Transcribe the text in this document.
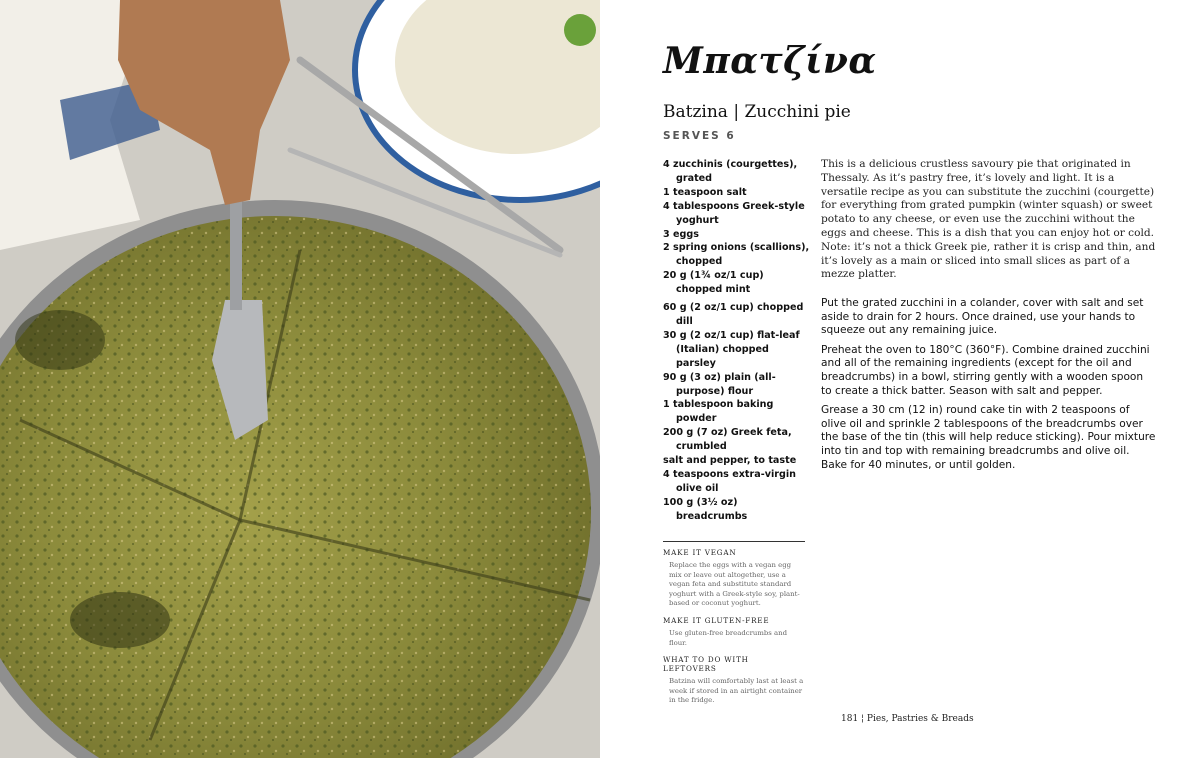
Μπατζίνα
Batzina | Zucchini pie
SERVES 6
4 zucchinis (courgettes), grated
1 teaspoon salt
4 tablespoons Greek-style yoghurt
3 eggs
2 spring onions (scallions), chopped
20 g (1¾ oz/1 cup) chopped mint
60 g (2 oz/1 cup) chopped dill
30 g (2 oz/1 cup) flat-leaf (Italian) chopped parsley
90 g (3 oz) plain (all-purpose) flour
1 tablespoon baking powder
200 g (7 oz) Greek feta, crumbled
salt and pepper, to taste
4 teaspoons extra-virgin olive oil
100 g (3½ oz) breadcrumbs
This is a delicious crustless savoury pie that originated in Thessaly. As it’s pastry free, it’s lovely and light. It is a versatile recipe as you can substitute the zucchini (courgette) for everything from grated pumpkin (winter squash) or sweet potato to any cheese, or even use the zucchini without the eggs and cheese. This is a dish that you can enjoy hot or cold. Note: it’s not a thick Greek pie, rather it is crisp and thin, and it’s lovely as a main or sliced into small slices as part of a mezze platter.

Put the grated zucchini in a colander, cover with salt and set aside to drain for 2 hours. Once drained, use your hands to squeeze out any remaining juice.

Preheat the oven to 180°C (360°F). Combine drained zucchini and all of the remaining ingredients (except for the oil and breadcrumbs) in a bowl, stirring gently with a wooden spoon to create a thick batter. Season with salt and pepper.

Grease a 30 cm (12 in) round cake tin with 2 teaspoons of olive oil and sprinkle 2 tablespoons of the breadcrumbs over the base of the tin (this will help reduce sticking). Pour mixture into tin and top with remaining breadcrumbs and olive oil. Bake for 40 minutes, or until golden.

MAKE IT VEGAN
Replace the eggs with a vegan egg mix or leave out altogether, use a vegan feta and substitute standard yoghurt with a Greek-style soy, plant-based or coconut yoghurt.
MAKE IT GLUTEN-FREE
Use gluten-free breadcrumbs and flour.
WHAT TO DO WITH LEFTOVERS
Batzina will comfortably last at least a week if stored in an airtight container in the fridge.
181 ¦ Pies, Pastries & Breads
